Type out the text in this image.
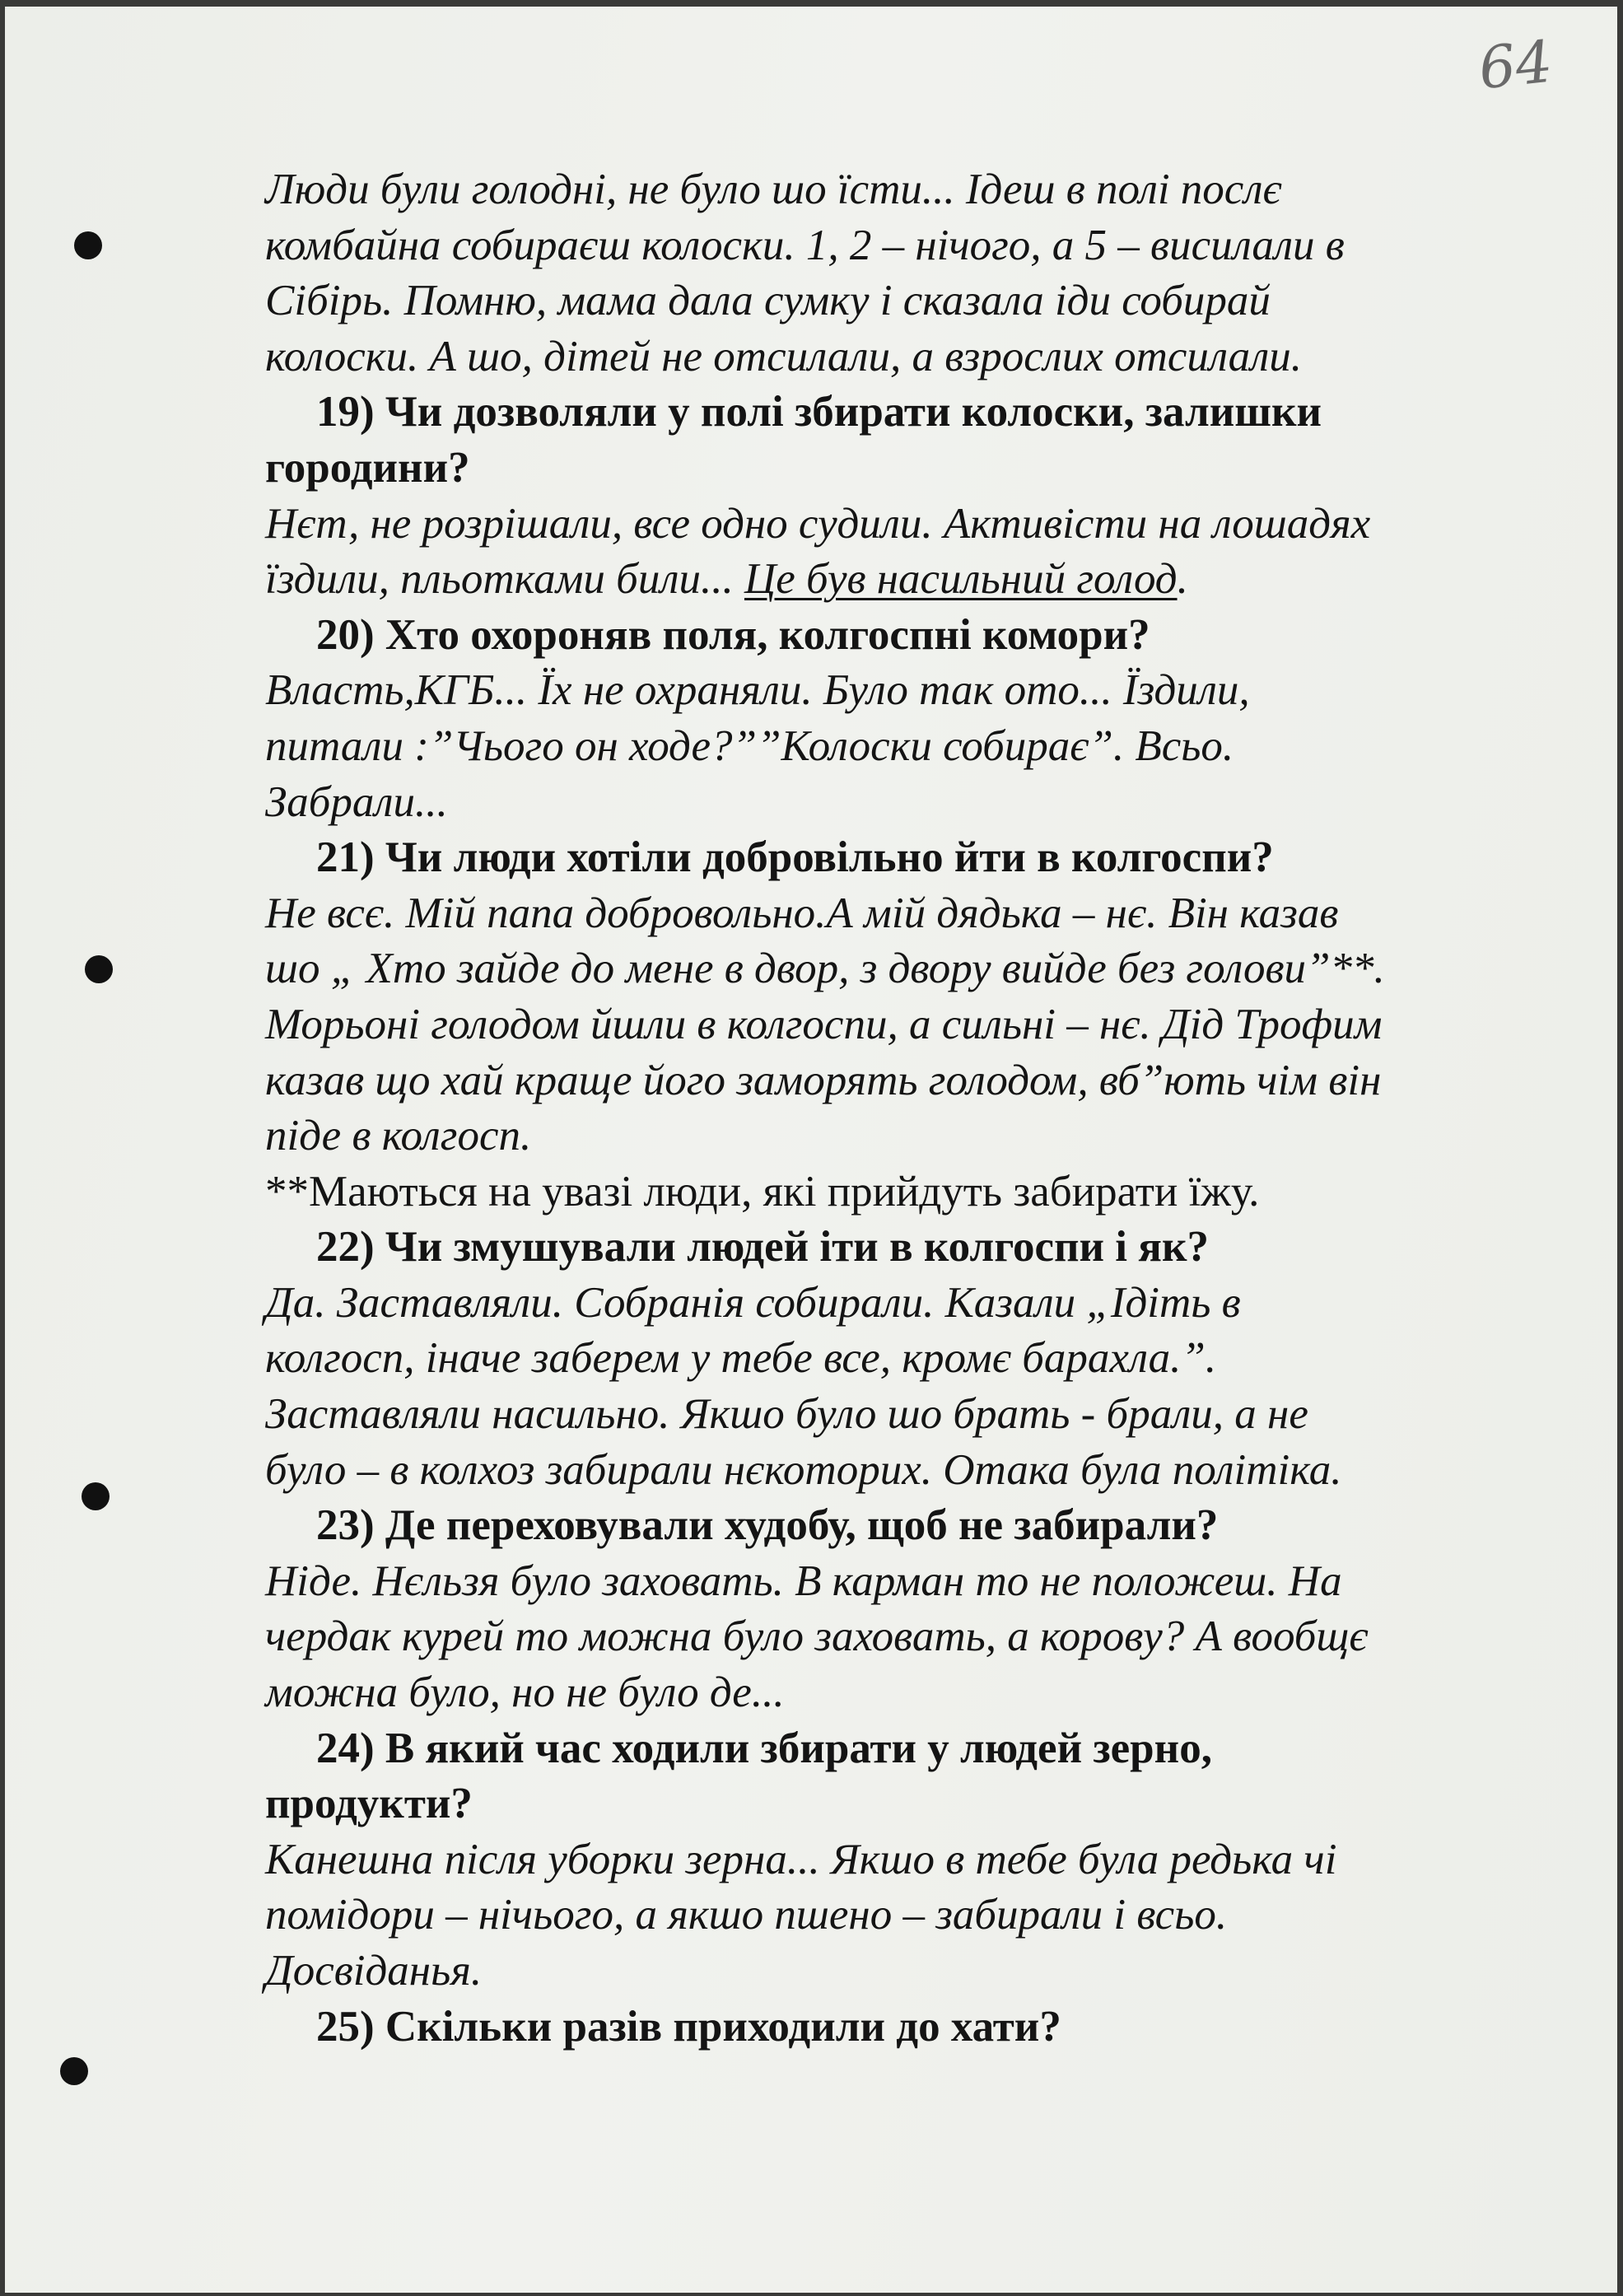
64
Люди були голодні, не було шо їсти... Ідеш в полі послє
комбайна собираєш колоски. 1, 2 – нічого, а 5 – висилали в
Сібірь. Помню, мама дала сумку і сказала іди собирай
колоски. А шо, дітей не отсилали, а взрослих отсилали.
19) Чи дозволяли у полі збирати колоски, залишки
городини?
Нєт, не розрішали, все одно судили. Активісти на лошадях
їздили, пльотками били... Це був насильний голод.
20) Хто охороняв поля, колгоспні комори?
Власть,КГБ... Їх не охраняли. Було так ото... Їздили,
питали :”Чього он ходе?””Колоски собирає”. Всьо.
Забрали...
21) Чи люди хотіли добровільно йти в колгоспи?
Не всє. Мій папа добровольно.А мій дядька – нє. Він казав
шо „ Хто зайде до мене в двор, з двору вийде без голови”**.
Морьоні голодом йшли в колгоспи, а сильні – нє. Дід Трофим
казав що хай краще його заморять голодом, вб”ють чім він
піде в колгосп.
**Маються на увазі люди, які прийдуть забирати їжу.
22) Чи змушували людей іти в колгоспи і як?
Да. Заставляли. Собранія собирали. Казали „Ідіть в
колгосп, іначе заберем у тебе все, кромє барахла.”.
Заставляли насильно. Якшо було шо брать - брали, а не
було – в колхоз забирали нєкоторих. Отака була політіка.
23) Де переховували худобу, щоб не забирали?
Ніде. Нєльзя було заховать. В карман то не положеш. На
чердак курей то можна було заховать, а корову? А вообщє
можна було, но не було де...
24) В який час ходили збирати у людей зерно,
продукти?
Канешна після уборки зерна... Якшо в тебе була редька чі
помідори – нічього, а якшо пшено – забирали і всьо.
Досвіданья.
25) Скільки разів приходили до хати?
